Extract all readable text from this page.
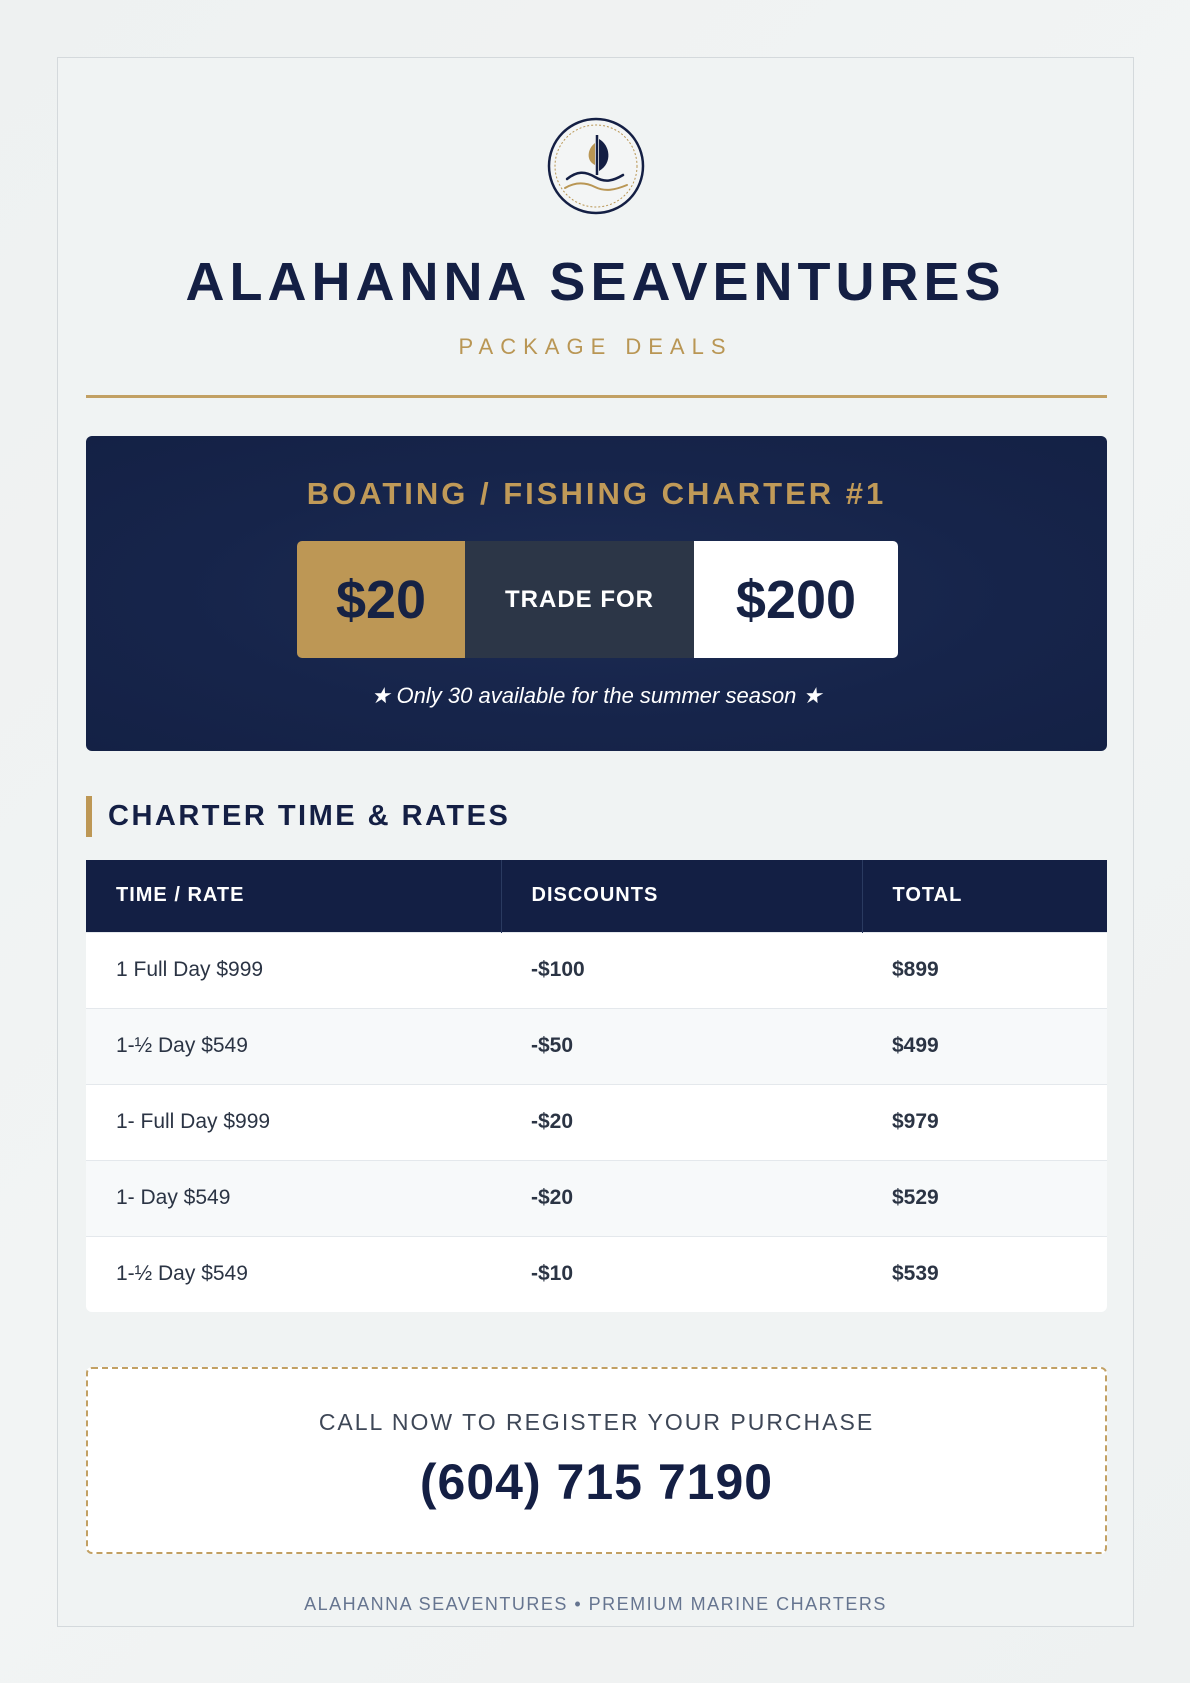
ALAHANNA SEAVENTURES
PACKAGE DEALS
BOATING / FISHING CHARTER #1
$20	TRADE FOR	$200
★ Only 30 available for the summer season ★
CHARTER TIME & RATES
TIME / RATE	DISCOUNTS	TOTAL
1 Full Day $999	-$100	$899
1-½ Day $549	-$50	$499
1- Full Day $999	-$20	$979
1- Day $549	-$20	$529
1-½ Day $549	-$10	$539
CALL NOW TO REGISTER YOUR PURCHASE
(604) 715 7190
ALAHANNA SEAVENTURES • PREMIUM MARINE CHARTERS
